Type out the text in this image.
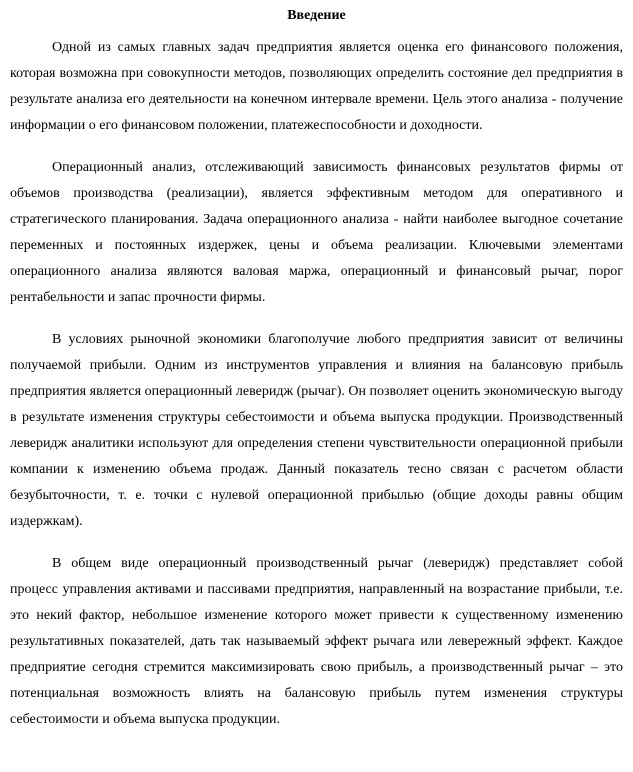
Введение

Одной из самых главных задач предприятия является оценка его финансового положения, которая возможна при совокупности методов, позволяющих определить состояние дел предприятия в результате анализа его деятельности на конечном интервале времени. Цель этого анализа - получение информации о его финансовом положении, платежеспособности и доходности.

Операционный анализ, отслеживающий зависимость финансовых результатов фирмы от объемов производства (реализации), является эффективным методом для оперативного и стратегического планирования. Задача операционного анализа - найти наиболее выгодное сочетание переменных и постоянных издержек, цены и объема реализации. Ключевыми элементами операционного анализа являются валовая маржа, операционный и финансовый рычаг, порог рентабельности и запас прочности фирмы.

В условиях рыночной экономики благополучие любого предприятия зависит от величины получаемой прибыли. Одним из инструментов управления и влияния на балансовую прибыль предприятия является операционный леверидж (рычаг). Он позволяет оценить экономическую выгоду в результате изменения структуры себестоимости и объема выпуска продукции. Производственный леверидж аналитики используют для определения степени чувствительности операционной прибыли компании к изменению объема продаж. Данный показатель тесно связан с расчетом области безубыточности, т. е. точки с нулевой операционной прибылью (общие доходы равны общим издержкам).

В общем виде операционный производственный рычаг (леверидж) представляет собой процесс управления активами и пассивами предприятия, направленный на возрастание прибыли, т.е. это некий фактор, небольшое изменение которого может привести к существенному изменению результативных показателей, дать так называемый эффект рычага или левережный эффект. Каждое предприятие сегодня стремится максимизировать свою прибыль, а производственный рычаг – это потенциальная возможность влиять на балансовую прибыль путем изменения структуры себестоимости и объема выпуска продукции.
